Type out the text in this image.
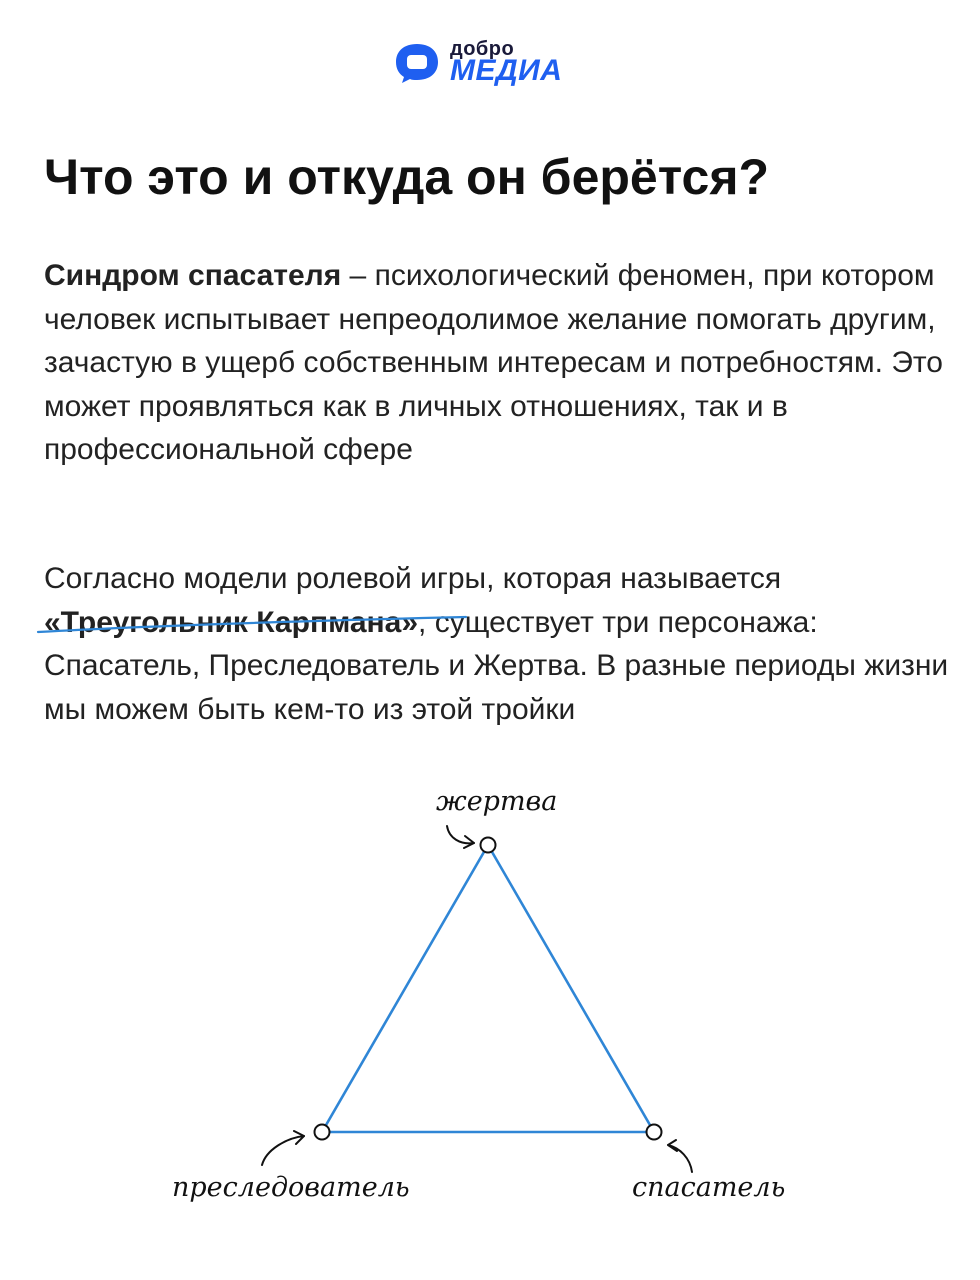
добро
МЕДИА
Что это и откуда он берётся?

Синдром спасателя – психологический феномен, при котором человек испытывает непреодолимое желание помогать другим, зачастую в ущерб собственным интересам и потребностям. Это может проявляться как в личных отношениях, так и в профессиональной сфере

Согласно модели ролевой игры, которая называется «Треугольник Карпмана», существует три персонажа: Спасатель, Преследователь и Жертва. В разные периоды жизни мы можем быть кем-то из этой тройки

жертва
преследователь	спасатель
